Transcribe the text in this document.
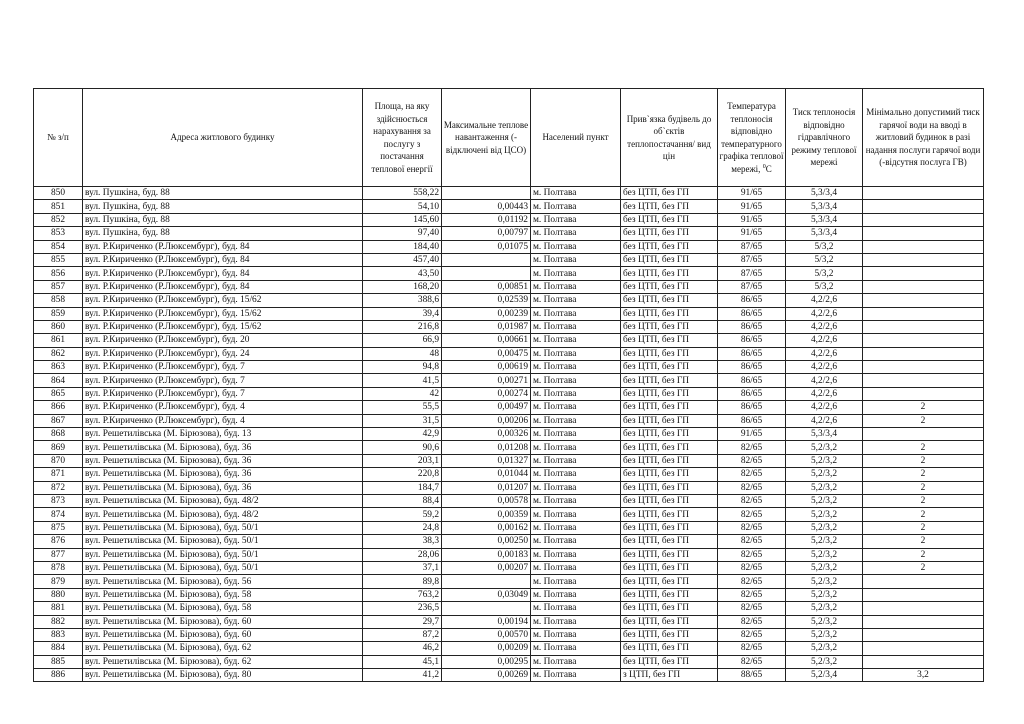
№ з/п	Адреса житлового будинку	Площа, на яку здійснюється нарахування за послугу з постачання теплової енергії	Максимальне теплове навантаження (-відключені від ЦСО)	Населений пункт	Прив`язка будівель до об`єктів теплопостачання/ вид цін	Температура теплоносія відповідно температурного графіка теплової мережі, $^0$С	Тиск теплоносія відповідно гідравлічного режиму теплової мережі	Мінімально допустимий тиск гарячої води на вводі в житловий будинок в разі надання послуги гарячої води (-відсутня послуга ГВ)
850	вул. Пушкіна, буд. 88	558,22		м. Полтава	без ЦТП, без ГП	91/65	5,3/3,4	
851	вул. Пушкіна, буд. 88	54,10	0,00443	м. Полтава	без ЦТП, без ГП	91/65	5,3/3,4	
852	вул. Пушкіна, буд. 88	145,60	0,01192	м. Полтава	без ЦТП, без ГП	91/65	5,3/3,4	
853	вул. Пушкіна, буд. 88	97,40	0,00797	м. Полтава	без ЦТП, без ГП	91/65	5,3/3,4	
854	вул. Р.Кириченко (Р.Люксембург), буд. 84	184,40	0,01075	м. Полтава	без ЦТП, без ГП	87/65	5/3,2	
855	вул. Р.Кириченко (Р.Люксембург), буд. 84	457,40		м. Полтава	без ЦТП, без ГП	87/65	5/3,2	
856	вул. Р.Кириченко (Р.Люксембург), буд. 84	43,50		м. Полтава	без ЦТП, без ГП	87/65	5/3,2	
857	вул. Р.Кириченко (Р.Люксембург), буд. 84	168,20	0,00851	м. Полтава	без ЦТП, без ГП	87/65	5/3,2	
858	вул. Р.Кириченко (Р.Люксембург), буд. 15/62	388,6	0,02539	м. Полтава	без ЦТП, без ГП	86/65	4,2/2,6	
859	вул. Р.Кириченко (Р.Люксембург), буд. 15/62	39,4	0,00239	м. Полтава	без ЦТП, без ГП	86/65	4,2/2,6	
860	вул. Р.Кириченко (Р.Люксембург), буд. 15/62	216,8	0,01987	м. Полтава	без ЦТП, без ГП	86/65	4,2/2,6	
861	вул. Р.Кириченко (Р.Люксембург), буд. 20	66,9	0,00661	м. Полтава	без ЦТП, без ГП	86/65	4,2/2,6	
862	вул. Р.Кириченко (Р.Люксембург), буд. 24	48	0,00475	м. Полтава	без ЦТП, без ГП	86/65	4,2/2,6	
863	вул. Р.Кириченко (Р.Люксембург), буд. 7	94,8	0,00619	м. Полтава	без ЦТП, без ГП	86/65	4,2/2,6	
864	вул. Р.Кириченко (Р.Люксембург), буд. 7	41,5	0,00271	м. Полтава	без ЦТП, без ГП	86/65	4,2/2,6	
865	вул. Р.Кириченко (Р.Люксембург), буд. 7	42	0,00274	м. Полтава	без ЦТП, без ГП	86/65	4,2/2,6	
866	вул. Р.Кириченко (Р.Люксембург), буд. 4	55,5	0,00497	м. Полтава	без ЦТП, без ГП	86/65	4,2/2,6	2
867	вул. Р.Кириченко (Р.Люксембург), буд. 4	31,5	0,00206	м. Полтава	без ЦТП, без ГП	86/65	4,2/2,6	2
868	вул. Решетилівська (М. Бірюзова), буд. 13	42,9	0,00326	м. Полтава	без ЦТП, без ГП	91/65	5,3/3,4	
869	вул. Решетилівська (М. Бірюзова), буд. 36	90,6	0,01208	м. Полтава	без ЦТП, без ГП	82/65	5,2/3,2	2
870	вул. Решетилівська (М. Бірюзова), буд. 36	203,1	0,01327	м. Полтава	без ЦТП, без ГП	82/65	5,2/3,2	2
871	вул. Решетилівська (М. Бірюзова), буд. 36	220,8	0,01044	м. Полтава	без ЦТП, без ГП	82/65	5,2/3,2	2
872	вул. Решетилівська (М. Бірюзова), буд. 36	184,7	0,01207	м. Полтава	без ЦТП, без ГП	82/65	5,2/3,2	2
873	вул. Решетилівська (М. Бірюзова), буд. 48/2	88,4	0,00578	м. Полтава	без ЦТП, без ГП	82/65	5,2/3,2	2
874	вул. Решетилівська (М. Бірюзова), буд. 48/2	59,2	0,00359	м. Полтава	без ЦТП, без ГП	82/65	5,2/3,2	2
875	вул. Решетилівська (М. Бірюзова), буд. 50/1	24,8	0,00162	м. Полтава	без ЦТП, без ГП	82/65	5,2/3,2	2
876	вул. Решетилівська (М. Бірюзова), буд. 50/1	38,3	0,00250	м. Полтава	без ЦТП, без ГП	82/65	5,2/3,2	2
877	вул. Решетилівська (М. Бірюзова), буд. 50/1	28,06	0,00183	м. Полтава	без ЦТП, без ГП	82/65	5,2/3,2	2
878	вул. Решетилівська (М. Бірюзова), буд. 50/1	37,1	0,00207	м. Полтава	без ЦТП, без ГП	82/65	5,2/3,2	2
879	вул. Решетилівська (М. Бірюзова), буд. 56	89,8		м. Полтава	без ЦТП, без ГП	82/65	5,2/3,2	
880	вул. Решетилівська (М. Бірюзова), буд. 58	763,2	0,03049	м. Полтава	без ЦТП, без ГП	82/65	5,2/3,2	
881	вул. Решетилівська (М. Бірюзова), буд. 58	236,5		м. Полтава	без ЦТП, без ГП	82/65	5,2/3,2	
882	вул. Решетилівська (М. Бірюзова), буд. 60	29,7	0,00194	м. Полтава	без ЦТП, без ГП	82/65	5,2/3,2	
883	вул. Решетилівська (М. Бірюзова), буд. 60	87,2	0,00570	м. Полтава	без ЦТП, без ГП	82/65	5,2/3,2	
884	вул. Решетилівська (М. Бірюзова), буд. 62	46,2	0,00209	м. Полтава	без ЦТП, без ГП	82/65	5,2/3,2	
885	вул. Решетилівська (М. Бірюзова), буд. 62	45,1	0,00295	м. Полтава	без ЦТП, без ГП	82/65	5,2/3,2	
886	вул. Решетилівська (М. Бірюзова), буд. 80	41,2	0,00269	м. Полтава	з ЦТП, без ГП	88/65	5,2/3,4	3,2
